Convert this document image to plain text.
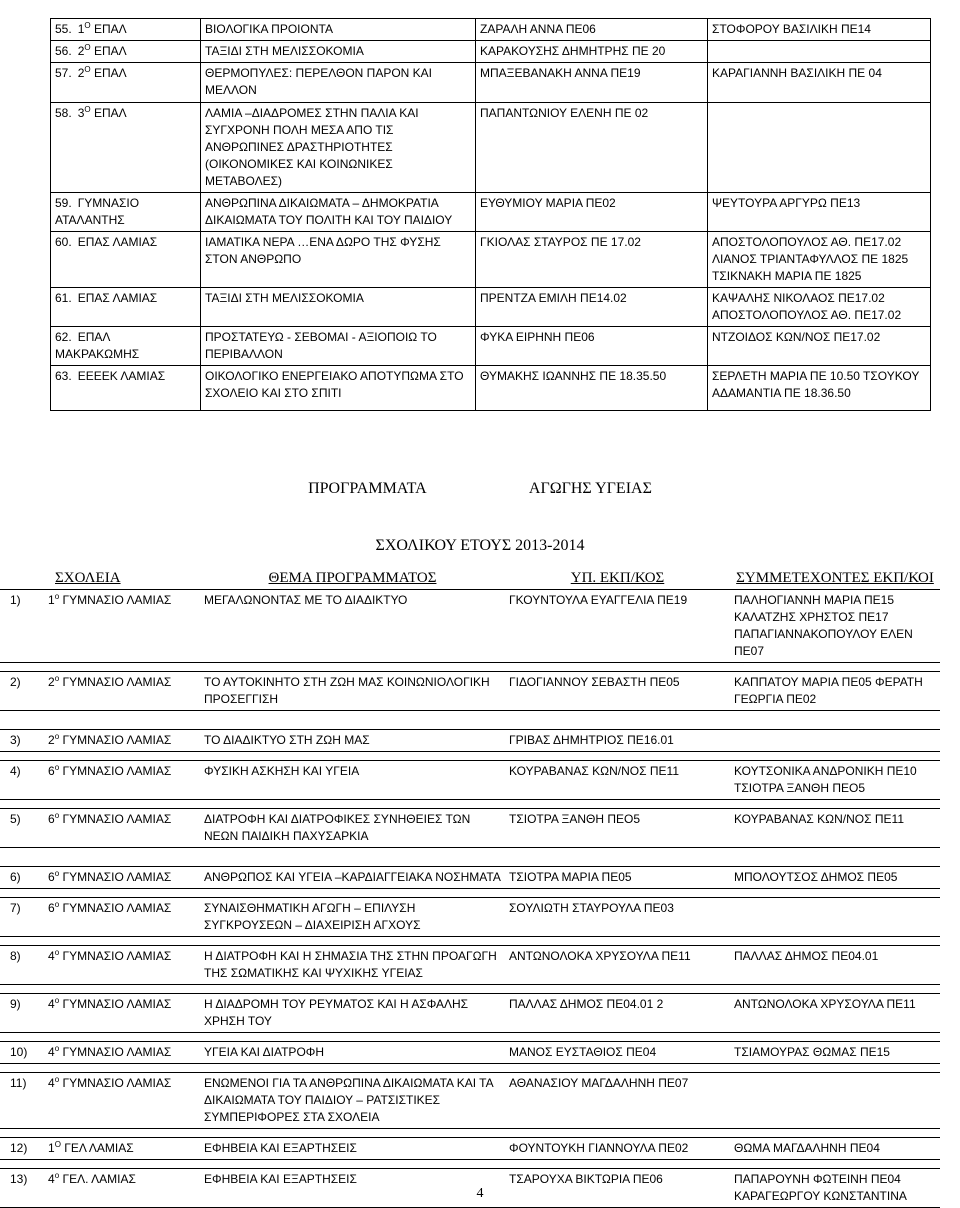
55. $1^O$ ΕΠΑΛ	ΒΙΟΛΟΓΙΚΑ ΠΡΟΙΟΝΤΑ	ΖΑΡΑΛΗ ΑΝΝΑ ΠΕ06	ΣΤΟΦΟΡΟΥ ΒΑΣΙΛΙΚΗ ΠΕ14
56. $2^O$ ΕΠΑΛ	ΤΑΞΙΔΙ ΣΤΗ ΜΕΛΙΣΣΟΚΟΜΙΑ	ΚΑΡΑΚΟΥΣΗΣ ΔΗΜΗΤΡΗΣ ΠΕ 20	
57. $2^O$ ΕΠΑΛ	ΘΕΡΜΟΠΥΛΕΣ: ΠΕΡΕΛΘΟΝ ΠΑΡΟΝ ΚΑΙ ΜΕΛΛΟΝ	ΜΠΑΞΕΒΑΝΑΚΗ ΑΝΝΑ ΠΕ19	ΚΑΡΑΓΙΑΝΝΗ ΒΑΣΙΛΙΚΗ ΠΕ 04
58. $3^O$ ΕΠΑΛ	ΛΑΜΙΑ –ΔΙΑΔΡΟΜΕΣ ΣΤΗΝ ΠΑΛΙΑ ΚΑΙ ΣΥΓΧΡΟΝΗ ΠΟΛΗ ΜΕΣΑ ΑΠΟ ΤΙΣ ΑΝΘΡΩΠΙΝΕΣ ΔΡΑΣΤΗΡΙΟΤΗΤΕΣ (ΟΙΚΟΝΟΜΙΚΕΣ ΚΑΙ ΚΟΙΝΩΝΙΚΕΣ ΜΕΤΑΒΟΛΕΣ)	ΠΑΠΑΝΤΩΝΙΟΥ ΕΛΕΝΗ ΠΕ 02	
59. ΓΥΜΝΑΣΙΟ ΑΤΑΛΑΝΤΗΣ	ΑΝΘΡΩΠΙΝΑ ΔΙΚΑΙΩΜΑΤΑ – ΔΗΜΟΚΡΑΤΙΑ ΔΙΚΑΙΩΜΑΤΑ ΤΟΥ ΠΟΛΙΤΗ ΚΑΙ ΤΟΥ ΠΑΙΔΙΟΥ	ΕΥΘΥΜΙΟΥ ΜΑΡΙΑ ΠΕ02	ΨΕΥΤΟΥΡΑ ΑΡΓΥΡΩ ΠΕ13
60. ΕΠΑΣ ΛΑΜΙΑΣ	ΙΑΜΑΤΙΚΑ ΝΕΡΑ …ΕΝΑ ΔΩΡΟ ΤΗΣ ΦΥΣΗΣ ΣΤΟΝ ΑΝΘΡΩΠΟ	ΓΚΙΟΛΑΣ ΣΤΑΥΡΟΣ ΠΕ 17.02	ΑΠΟΣΤΟΛΟΠΟΥΛΟΣ ΑΘ. ΠΕ17.02 ΛΙΑΝΟΣ ΤΡΙΑΝΤΑΦΥΛΛΟΣ ΠΕ 1825 ΤΣΙΚΝΑΚΗ ΜΑΡΙΑ ΠΕ 1825
61. ΕΠΑΣ ΛΑΜΙΑΣ	ΤΑΞΙΔΙ ΣΤΗ ΜΕΛΙΣΣΟΚΟΜΙΑ	ΠΡΕΝΤΖΑ ΕΜΙΛΗ ΠΕ14.02	ΚΑΨΑΛΗΣ ΝΙΚΟΛΑΟΣ ΠΕ17.02 ΑΠΟΣΤΟΛΟΠΟΥΛΟΣ ΑΘ. ΠΕ17.02
62. ΕΠΑΛ ΜΑΚΡΑΚΩΜΗΣ	ΠΡΟΣΤΑΤΕΥΩ - ΣΕΒΟΜΑΙ - ΑΞΙΟΠΟΙΩ ΤΟ ΠΕΡΙΒΑΛΛΟΝ	ΦΥΚΑ ΕΙΡΗΝΗ ΠΕ06	ΝΤΖΟΙΔΟΣ ΚΩΝ/ΝΟΣ ΠΕ17.02
63. ΕΕΕΕΚ ΛΑΜΙΑΣ	ΟΙΚΟΛΟΓΙΚΟ ΕΝΕΡΓΕΙΑΚΟ ΑΠΟΤΥΠΩΜΑ ΣΤΟ ΣΧΟΛΕΙΟ ΚΑΙ ΣΤΟ ΣΠΙΤΙ	ΘΥΜΑΚΗΣ ΙΩΑΝΝΗΣ ΠΕ 18.35.50	ΣΕΡΛΕΤΗ ΜΑΡΙΑ ΠΕ 10.50 ΤΣΟΥΚΟΥ ΑΔΑΜΑΝΤΙΑ ΠΕ 18.36.50
ΠΡΟΓΡΑΜΜΑΤΑ	ΑΓΩΓΗΣ ΥΓΕΙΑΣ
ΣΧΟΛΙΚΟΥ ΕΤΟΥΣ 2013-2014
ΣΧΟΛΕΙΑ	ΘΕΜΑ ΠΡΟΓΡΑΜΜΑΤΟΣ	ΥΠ. ΕΚΠ/ΚΟΣ	ΣΥΜΜΕΤΕΧΟΝΤΕΣ ΕΚΠ/ΚΟΙ
1) $1^o$ ΓΥΜΝΑΣΙΟ ΛΑΜΙΑΣ	ΜΕΓΑΛΩΝΟΝΤΑΣ ΜΕ ΤΟ ΔΙΑΔΙΚΤΥΟ	ΓΚΟΥΝΤΟΥΛΑ ΕΥΑΓΓΕΛΙΑ ΠΕ19	ΠΑΛΗΟΓΙΑΝΝΗ ΜΑΡΙΑ ΠΕ15 ΚΑΛΑΤΖΗΣ ΧΡΗΣΤΟΣ ΠΕ17 ΠΑΠΑΓΙΑΝΝΑΚΟΠΟΥΛΟΥ ΕΛΕΝ ΠΕ07

2) $2^o$ ΓΥΜΝΑΣΙΟ ΛΑΜΙΑΣ	ΤΟ ΑΥΤΟΚΙΝΗΤΟ ΣΤΗ ΖΩΗ ΜΑΣ ΚΟΙΝΩΝΙΟΛΟΓΙΚΗ ΠΡΟΣΕΓΓΙΣΗ	ΓΙΔΟΓΙΑΝΝΟΥ ΣΕΒΑΣΤΗ ΠΕ05	ΚΑΠΠΑΤΟΥ ΜΑΡΙΑ ΠΕ05 ΦΕΡΑΤΗ ΓΕΩΡΓΙΑ ΠΕ02

3) $2^o$ ΓΥΜΝΑΣΙΟ ΛΑΜΙΑΣ	ΤΟ ΔΙΑΔΙΚΤΥΟ ΣΤΗ ΖΩΗ ΜΑΣ	ΓΡΙΒΑΣ ΔΗΜΗΤΡΙΟΣ ΠΕ16.01	

4) $6^o$ ΓΥΜΝΑΣΙΟ ΛΑΜΙΑΣ	ΦΥΣΙΚΗ ΑΣΚΗΣΗ ΚΑΙ ΥΓΕΙΑ	ΚΟΥΡΑΒΑΝΑΣ ΚΩΝ/ΝΟΣ ΠΕ11	ΚΟΥΤΣΟΝΙΚΑ ΑΝΔΡΟΝΙΚΗ ΠΕ10 ΤΣΙΟΤΡΑ ΞΑΝΘΗ ΠΕΟ5

5) $6^o$ ΓΥΜΝΑΣΙΟ ΛΑΜΙΑΣ	ΔΙΑΤΡΟΦΗ ΚΑΙ ΔΙΑΤΡΟΦΙΚΕΣ ΣΥΝΗΘΕΙΕΣ ΤΩΝ ΝΕΩΝ ΠΑΙΔΙΚΗ ΠΑΧΥΣΑΡΚΙΑ	ΤΣΙΟΤΡΑ ΞΑΝΘΗ ΠΕΟ5	ΚΟΥΡΑΒΑΝΑΣ ΚΩΝ/ΝΟΣ ΠΕ11

6) $6^o$ ΓΥΜΝΑΣΙΟ ΛΑΜΙΑΣ	ΑΝΘΡΩΠΟΣ ΚΑΙ ΥΓΕΙΑ –ΚΑΡΔΙΑΓΓΕΙΑΚΑ ΝΟΣΗΜΑΤΑ	ΤΣΙΟΤΡΑ ΜΑΡΙΑ ΠΕ05	ΜΠΟΛΟΥΤΣΟΣ ΔΗΜΟΣ ΠΕ05

7) $6^o$ ΓΥΜΝΑΣΙΟ ΛΑΜΙΑΣ	ΣΥΝΑΙΣΘΗΜΑΤΙΚΗ ΑΓΩΓΗ – ΕΠΙΛΥΣΗ ΣΥΓΚΡΟΥΣΕΩΝ – ΔΙΑΧΕΙΡΙΣΗ ΑΓΧΟΥΣ	ΣΟΥΛΙΩΤΗ ΣΤΑΥΡΟΥΛΑ ΠΕ03	

8) $4^o$ ΓΥΜΝΑΣΙΟ ΛΑΜΙΑΣ	Η ΔΙΑΤΡΟΦΗ ΚΑΙ Η ΣΗΜΑΣΙΑ ΤΗΣ ΣΤΗΝ ΠΡΟΑΓΩΓΗ ΤΗΣ ΣΩΜΑΤΙΚΗΣ ΚΑΙ ΨΥΧΙΚΗΣ ΥΓΕΙΑΣ	ΑΝΤΩΝΟΛΟΚΑ ΧΡΥΣΟΥΛΑ ΠΕ11	ΠΑΛΛΑΣ ΔΗΜΟΣ ΠΕ04.01

9) $4^o$ ΓΥΜΝΑΣΙΟ ΛΑΜΙΑΣ	Η ΔΙΑΔΡΟΜΗ ΤΟΥ ΡΕΥΜΑΤΟΣ ΚΑΙ Η ΑΣΦΑΛΗΣ ΧΡΗΣΗ ΤΟΥ	ΠΑΛΛΑΣ ΔΗΜΟΣ ΠΕ04.01 2	ΑΝΤΩΝΟΛΟΚΑ ΧΡΥΣΟΥΛΑ ΠΕ11

10) $4^o$ ΓΥΜΝΑΣΙΟ ΛΑΜΙΑΣ	ΥΓΕΙΑ ΚΑΙ ΔΙΑΤΡΟΦΗ	ΜΑΝΟΣ ΕΥΣΤΑΘΙΟΣ ΠΕ04	ΤΣΙΑΜΟΥΡΑΣ ΘΩΜΑΣ ΠΕ15

11) $4^o$ ΓΥΜΝΑΣΙΟ ΛΑΜΙΑΣ	ΕΝΩΜΕΝΟΙ ΓΙΑ ΤΑ ΑΝΘΡΩΠΙΝΑ ΔΙΚΑΙΩΜΑΤΑ ΚΑΙ ΤΑ ΔΙΚΑΙΩΜΑΤΑ ΤΟΥ ΠΑΙΔΙΟΥ – ΡΑΤΣΙΣΤΙΚΕΣ ΣΥΜΠΕΡΙΦΟΡΕΣ ΣΤΑ ΣΧΟΛΕΙΑ	ΑΘΑΝΑΣΙΟΥ ΜΑΓΔΑΛΗΝΗ ΠΕ07	

12) $1^O$ ΓΕΛ ΛΑΜΙΑΣ	ΕΦΗΒΕΙΑ ΚΑΙ ΕΞΑΡΤΗΣΕΙΣ	ΦΟΥΝΤΟΥΚΗ ΓΙΑΝΝΟΥΛΑ ΠΕ02	ΘΩΜΑ ΜΑΓΔΑΛΗΝΗ ΠΕ04

13) $4^o$ ΓΕΛ. ΛΑΜΙΑΣ	ΕΦΗΒΕΙΑ ΚΑΙ ΕΞΑΡΤΗΣΕΙΣ	ΤΣΑΡΟΥΧΑ ΒΙΚΤΩΡΙΑ ΠΕ06	ΠΑΠΑΡΟΥΝΗ ΦΩΤΕΙΝΗ ΠΕ04 ΚΑΡΑΓΕΩΡΓΟΥ ΚΩΝΣΤΑΝΤΙΝΑ
4
